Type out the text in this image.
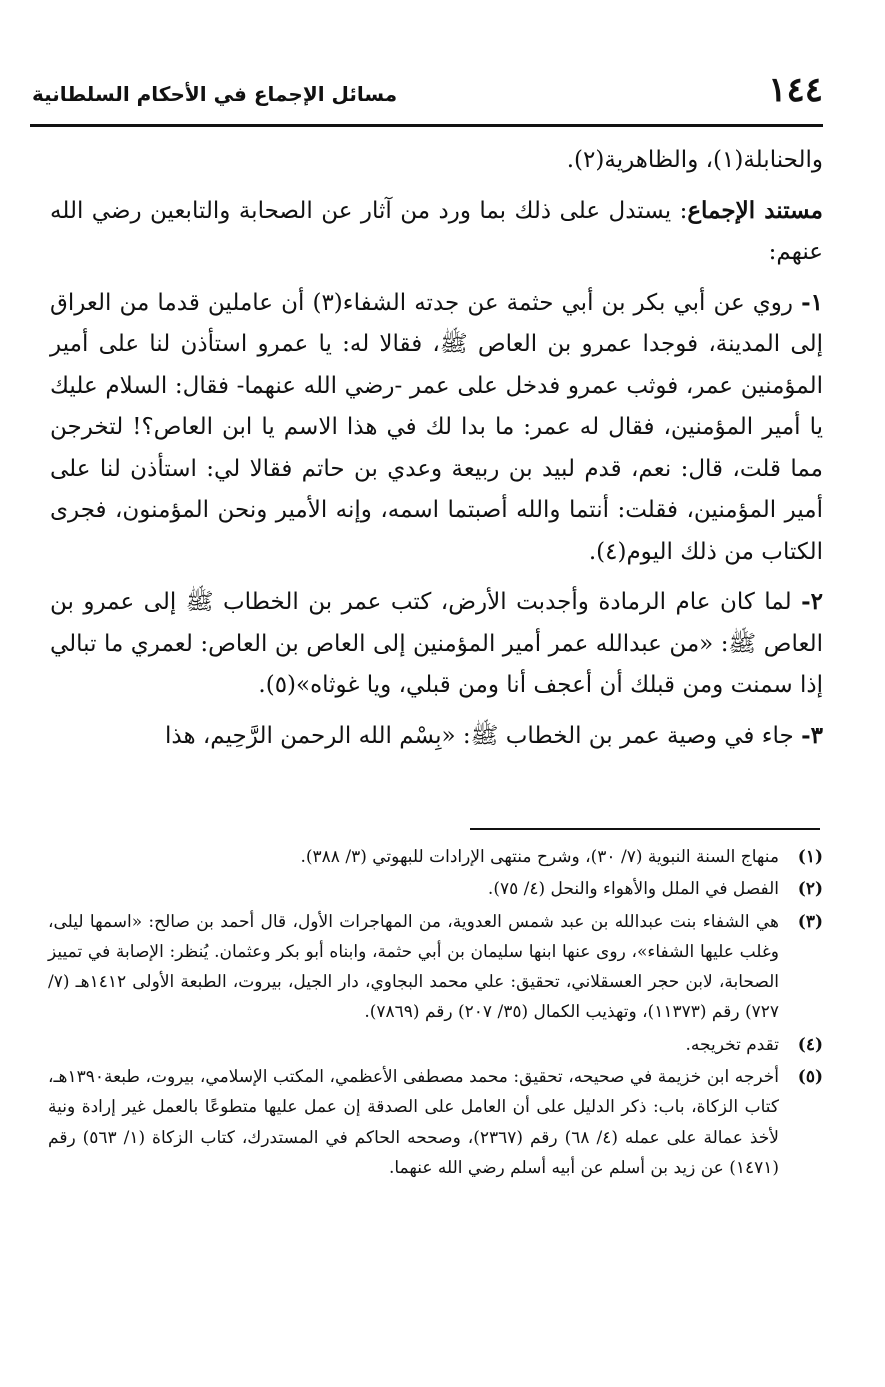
١٤٤
مسائل الإجماع في الأحكام السلطانية

والحنابلة(١)، والظاهرية(٢).

مستند الإجماع: يستدل على ذلك بما ورد من آثار عن الصحابة والتابعين رضي الله عنهم:

١- روي عن أبي بكر بن أبي حثمة عن جدته الشفاء(٣) أن عاملين قدما من العراق إلى المدينة، فوجدا عمرو بن العاص ﷺ، فقالا له: يا عمرو استأذن لنا على أمير المؤمنين عمر، فوثب عمرو فدخل على عمر -رضي الله عنهما- فقال: السلام عليك يا أمير المؤمنين، فقال له عمر: ما بدا لك في هذا الاسم يا ابن العاص؟! لتخرجن مما قلت، قال: نعم، قدم لبيد بن ربيعة وعدي بن حاتم فقالا لي: استأذن لنا على أمير المؤمنين، فقلت: أنتما والله أصبتما اسمه، وإنه الأمير ونحن المؤمنون، فجرى الكتاب من ذلك اليوم(٤).

٢- لما كان عام الرمادة وأجدبت الأرض، كتب عمر بن الخطاب ﷺ إلى عمرو بن العاص ﷺ: «من عبدالله عمر أمير المؤمنين إلى العاص بن العاص: لعمري ما تبالي إذا سمنت ومن قبلك أن أعجف أنا ومن قبلي، ويا غوثاه»(٥).

٣- جاء في وصية عمر بن الخطاب ﷺ: «بِسْم الله الرحمن الرَّحِيم، هذا

(١)
منهاج السنة النبوية (٧/ ٣٠)، وشرح منتهى الإرادات للبهوتي (٣/ ٣٨٨).
(٢)
الفصل في الملل والأهواء والنحل (٤/ ٧٥).
(٣)
هي الشفاء بنت عبدالله بن عبد شمس العدوية، من المهاجرات الأول، قال أحمد بن صالح: «اسمها ليلى، وغلب عليها الشفاء»، روى عنها ابنها سليمان بن أبي حثمة، وابناه أبو بكر وعثمان. يُنظر: الإصابة في تمييز الصحابة، لابن حجر العسقلاني، تحقيق: علي محمد البجاوي، دار الجيل، بيروت، الطبعة الأولى ١٤١٢هـ (٧/ ٧٢٧) رقم (١١٣٧٣)، وتهذيب الكمال (٣٥/ ٢٠٧) رقم (٧٨٦٩).
(٤)
تقدم تخريجه.
(٥)
أخرجه ابن خزيمة في صحيحه، تحقيق: محمد مصطفى الأعظمي، المكتب الإسلامي، بيروت، طبعة١٣٩٠هـ، كتاب الزكاة، باب: ذكر الدليل على أن العامل على الصدقة إن عمل عليها متطوعًا بالعمل غير إرادة ونية لأخذ عمالة على عمله (٤/ ٦٨) رقم (٢٣٦٧)، وصححه الحاكم في المستدرك، كتاب الزكاة (١/ ٥٦٣) رقم (١٤٧١) عن زيد بن أسلم عن أبيه أسلم رضي الله عنهما.
